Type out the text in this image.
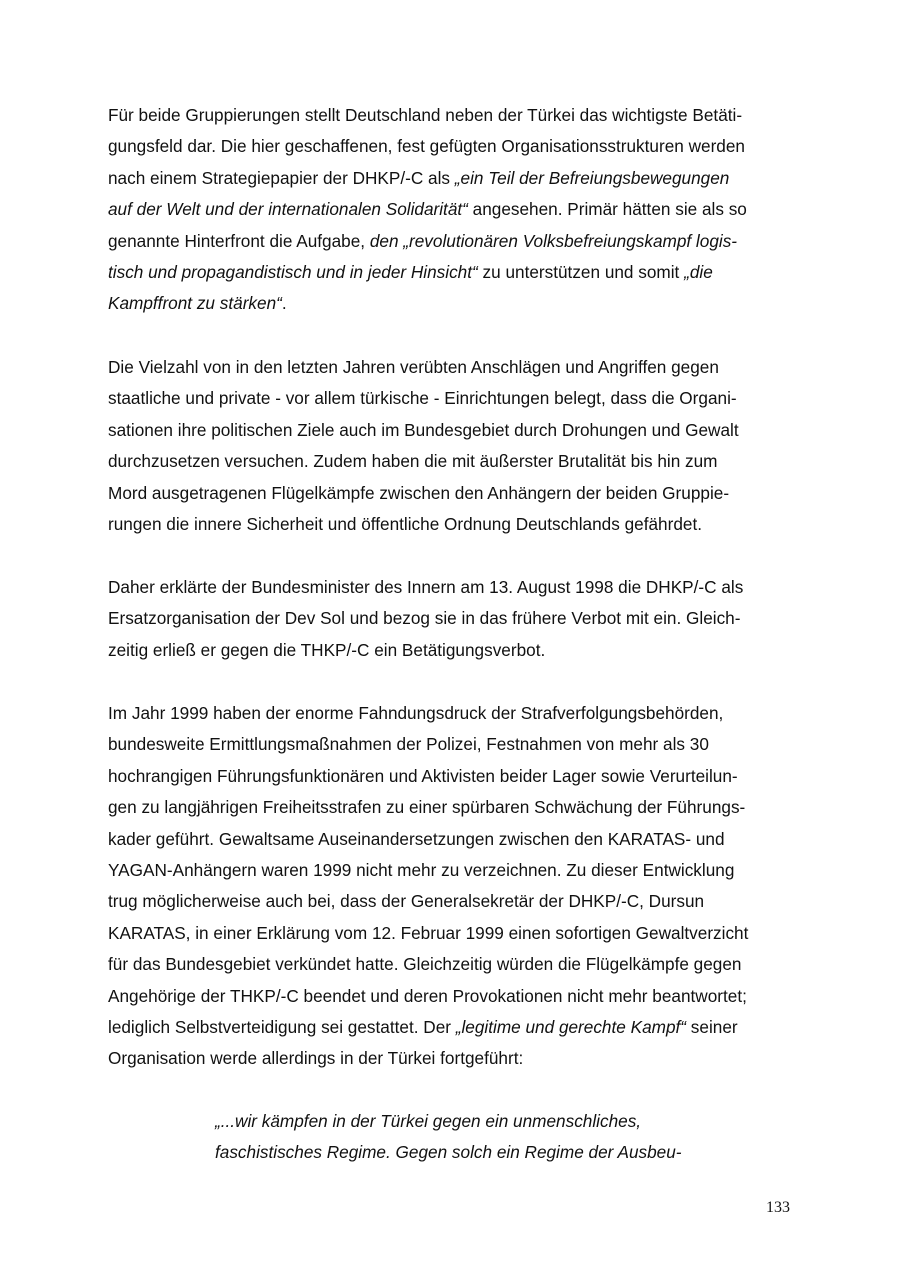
Für beide Gruppierungen stellt Deutschland neben der Türkei das wichtigste Betäti-
gungsfeld dar. Die hier geschaffenen, fest gefügten Organisationsstrukturen werden
nach einem Strategiepapier der DHKP/-C als „ein Teil der Befreiungsbewegungen
auf der Welt und der internationalen Solidarität“ angesehen. Primär hätten sie als so
genannte Hinterfront die Aufgabe, den „revolutionären Volksbefreiungskampf logis-
tisch und propagandistisch und in jeder Hinsicht“ zu unterstützen und somit „die
Kampffront zu stärken“.
Die Vielzahl von in den letzten Jahren verübten Anschlägen und Angriffen gegen
staatliche und private - vor allem türkische - Einrichtungen belegt, dass die Organi-
sationen ihre politischen Ziele auch im Bundesgebiet durch Drohungen und Gewalt
durchzusetzen versuchen. Zudem haben die mit äußerster Brutalität bis hin zum
Mord ausgetragenen Flügelkämpfe zwischen den Anhängern der beiden Gruppie-
rungen die innere Sicherheit und öffentliche Ordnung Deutschlands gefährdet.
Daher erklärte der Bundesminister des Innern am 13. August 1998 die DHKP/-C als
Ersatzorganisation der Dev Sol und bezog sie in das frühere Verbot mit ein. Gleich-
zeitig erließ er gegen die THKP/-C ein Betätigungsverbot.
Im Jahr 1999 haben der enorme Fahndungsdruck der Strafverfolgungsbehörden,
bundesweite Ermittlungsmaßnahmen der Polizei, Festnahmen von mehr als 30
hochrangigen Führungsfunktionären und Aktivisten beider Lager sowie Verurteilun-
gen zu langjährigen Freiheitsstrafen zu einer spürbaren Schwächung der Führungs-
kader geführt. Gewaltsame Auseinandersetzungen zwischen den KARATAS- und
YAGAN-Anhängern waren 1999 nicht mehr zu verzeichnen. Zu dieser Entwicklung
trug möglicherweise auch bei, dass der Generalsekretär der DHKP/-C, Dursun
KARATAS, in einer Erklärung vom 12. Februar 1999 einen sofortigen Gewaltverzicht
für das Bundesgebiet verkündet hatte. Gleichzeitig würden die Flügelkämpfe gegen
Angehörige der THKP/-C beendet und deren Provokationen nicht mehr beantwortet;
lediglich Selbstverteidigung sei gestattet. Der „legitime und gerechte Kampf“ seiner
Organisation werde allerdings in der Türkei fortgeführt:
„...wir kämpfen in der Türkei gegen ein unmenschliches,
faschistisches Regime. Gegen solch ein Regime der Ausbeu-
133
